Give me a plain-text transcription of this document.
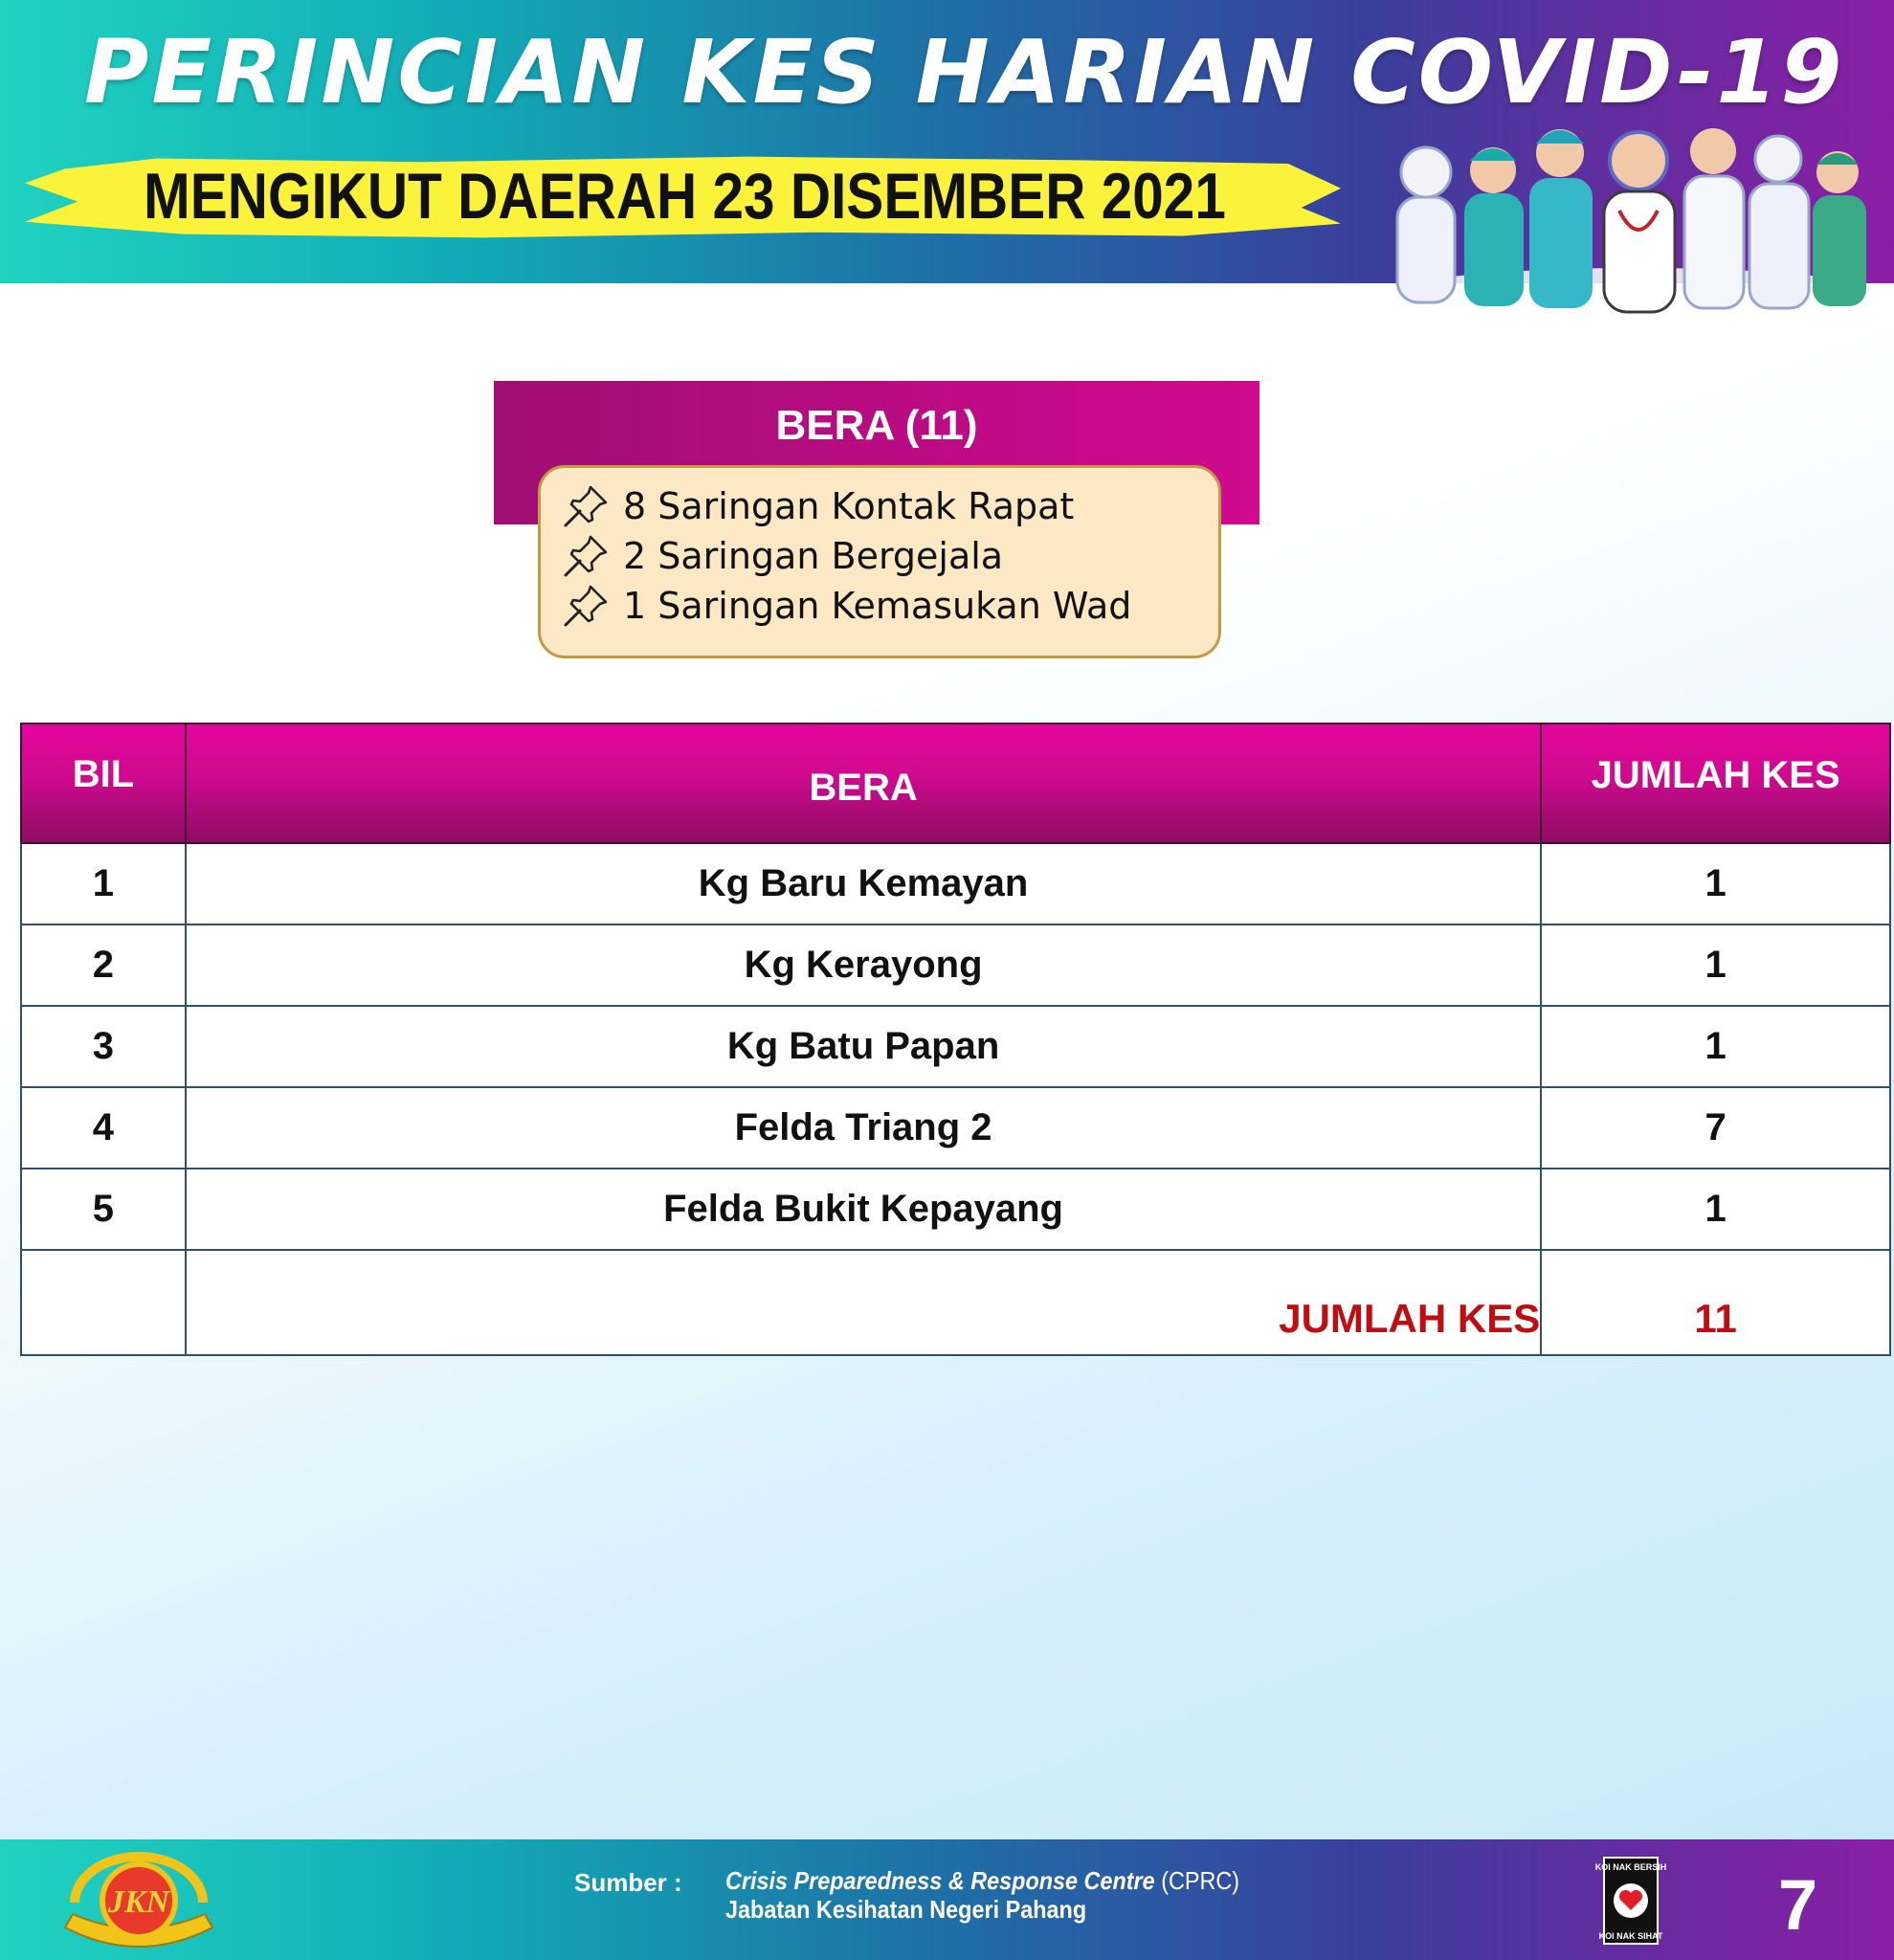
PERINCIAN KES HARIAN COVID-19
MENGIKUT DAERAH 23 DISEMBER 2021
BERA (11)
8 Saringan Kontak Rapat
2 Saringan Bergejala
1 Saringan Kemasukan Wad
BIL	BERA	JUMLAH KES
1	Kg Baru Kemayan	1
2	Kg Kerayong	1
3	Kg Batu Papan	1
4	Felda Triang 2	7
5	Felda Bukit Kepayang	1
	JUMLAH KES	11
JKN
Sumber : Crisis Preparedness & Response Centre (CPRC)
Jabatan Kesihatan Negeri Pahang
KOI NAK BERSIH
KOI NAK SIHAT 7
